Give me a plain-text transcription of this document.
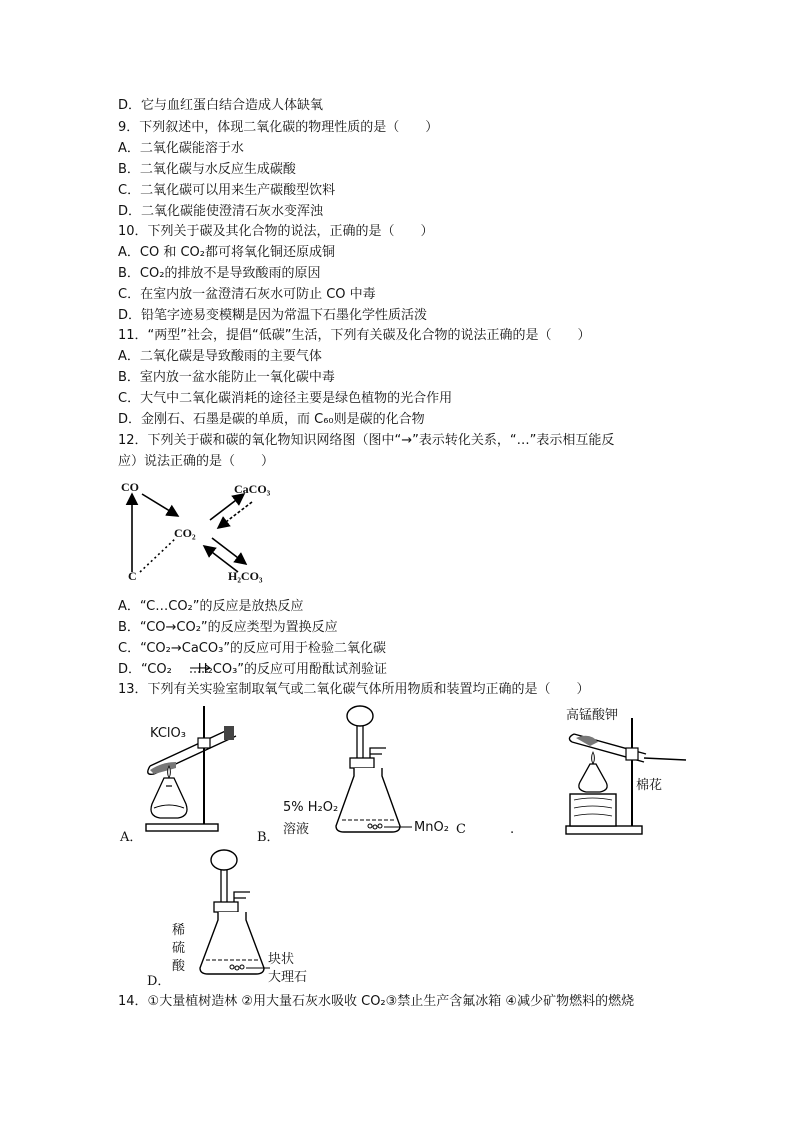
D．它与血红蛋白结合造成人体缺氧
9．下列叙述中，体现二氧化碳的物理性质的是（　　）
A．二氧化碳能溶于水
B．二氧化碳与水反应生成碳酸
C．二氧化碳可以用来生产碳酸型饮料
D．二氧化碳能使澄清石灰水变浑浊
10．下列关于碳及其化合物的说法，正确的是（　　）
A．CO 和 CO₂都可将氧化铜还原成铜
B．CO₂的排放不是导致酸雨的原因
C．在室内放一盆澄清石灰水可防止 CO 中毒
D．铅笔字迹易变模糊是因为常温下石墨化学性质活泼
11．“两型”社会，提倡“低碳”生活，下列有关碳及化合物的说法正确的是（　　）
A．二氧化碳是导致酸雨的主要气体
B．室内放一盆水能防止一氧化碳中毒
C．大气中二氧化碳消耗的途径主要是绿色植物的光合作用
D．金刚石、石墨是碳的单质，而 C₆₀则是碳的化合物
12．下列关于碳和碳的氧化物知识网络图（图中“→”表示转化关系，“…”表示相互能反
应）说法正确的是（　　）
CO	CaCO₃
CO₂
C	H₂CO₃
A．“C…CO₂”的反应是放热反应
B．“CO→CO₂”的反应类型为置换反应
C．“CO₂→CaCO₃”的反应可用于检验二氧化碳
D．“CO₂　　H₂CO₃”的反应可用酚酞试剂验证
13．下列有关实验室制取氧气或二氧化碳气体所用物质和装置均正确的是（　　）
KClO₃
A．
5% H₂O₂
溶液	MnO₂
B．
C	.
高锰酸钾
棉花
稀
硫
酸	块状
大理石
D．
14．①大量植树造林 ②用大量石灰水吸收 CO₂③禁止生产含氟冰箱 ④减少矿物燃料的燃烧
